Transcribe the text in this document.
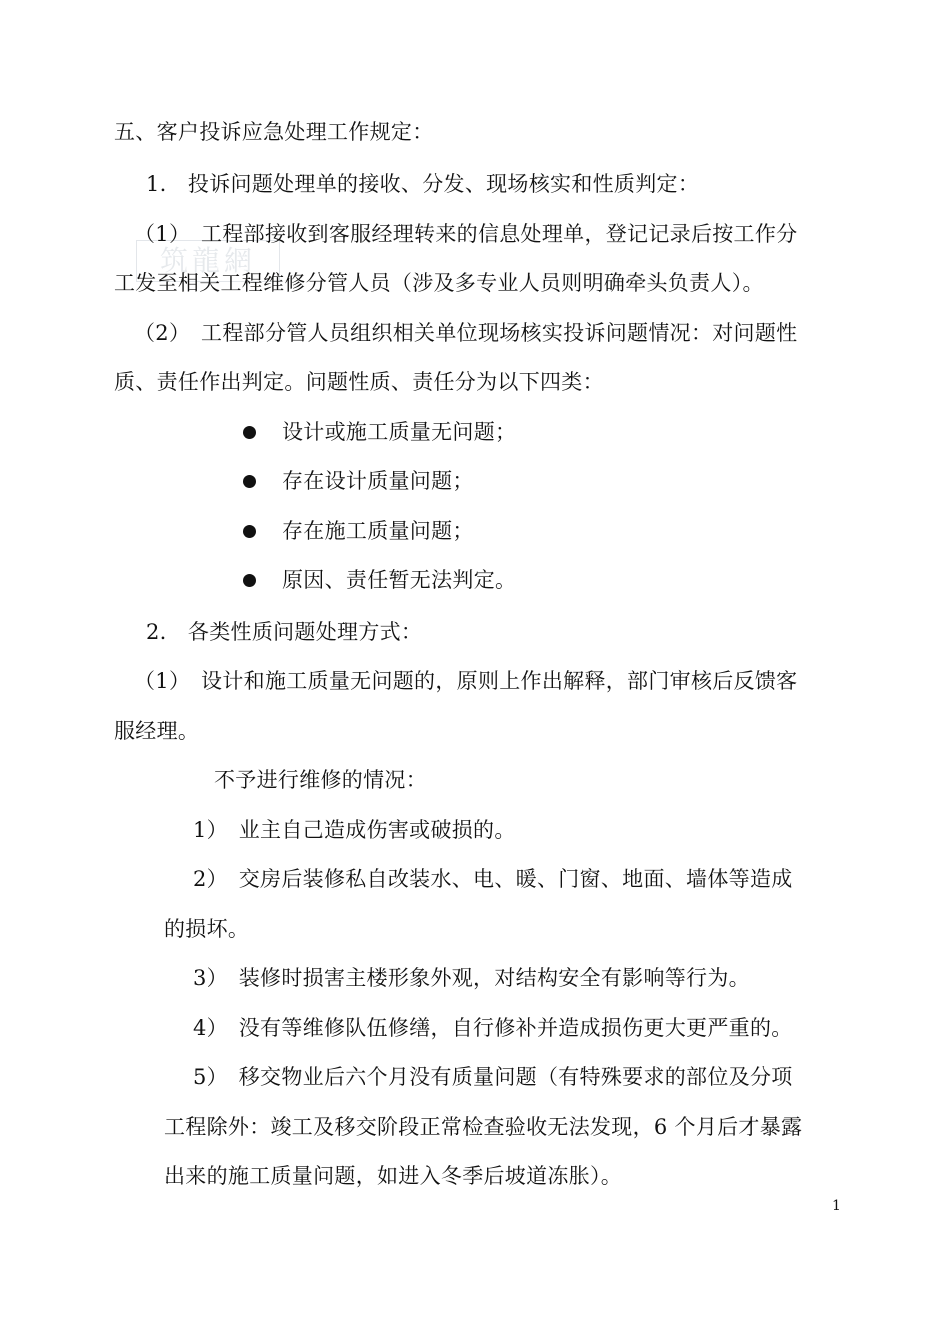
筑龍網
五、客户投诉应急处理工作规定：
1.　投诉问题处理单的接收、分发、现场核实和性质判定：
（1）　工程部接收到客服经理转来的信息处理单，登记记录后按工作分
工发至相关工程维修分管人员（涉及多专业人员则明确牵头负责人）。
（2）　工程部分管人员组织相关单位现场核实投诉问题情况：对问题性
质、责任作出判定。问题性质、责任分为以下四类：
设计或施工质量无问题；
存在设计质量问题；
存在施工质量问题；
原因、责任暂无法判定。
2.　各类性质问题处理方式：
（1）　设计和施工质量无问题的，原则上作出解释，部门审核后反馈客
服经理。
不予进行维修的情况：
1）　业主自己造成伤害或破损的。
2）　交房后装修私自改装水、电、暖、门窗、地面、墙体等造成
的损坏。
3）　装修时损害主楼形象外观，对结构安全有影响等行为。
4）　没有等维修队伍修缮，自行修补并造成损伤更大更严重的。
5）　移交物业后六个月没有质量问题（有特殊要求的部位及分项
工程除外：竣工及移交阶段正常检查验收无法发现，6 个月后才暴露
出来的施工质量问题，如进入冬季后坡道冻胀）。
1
